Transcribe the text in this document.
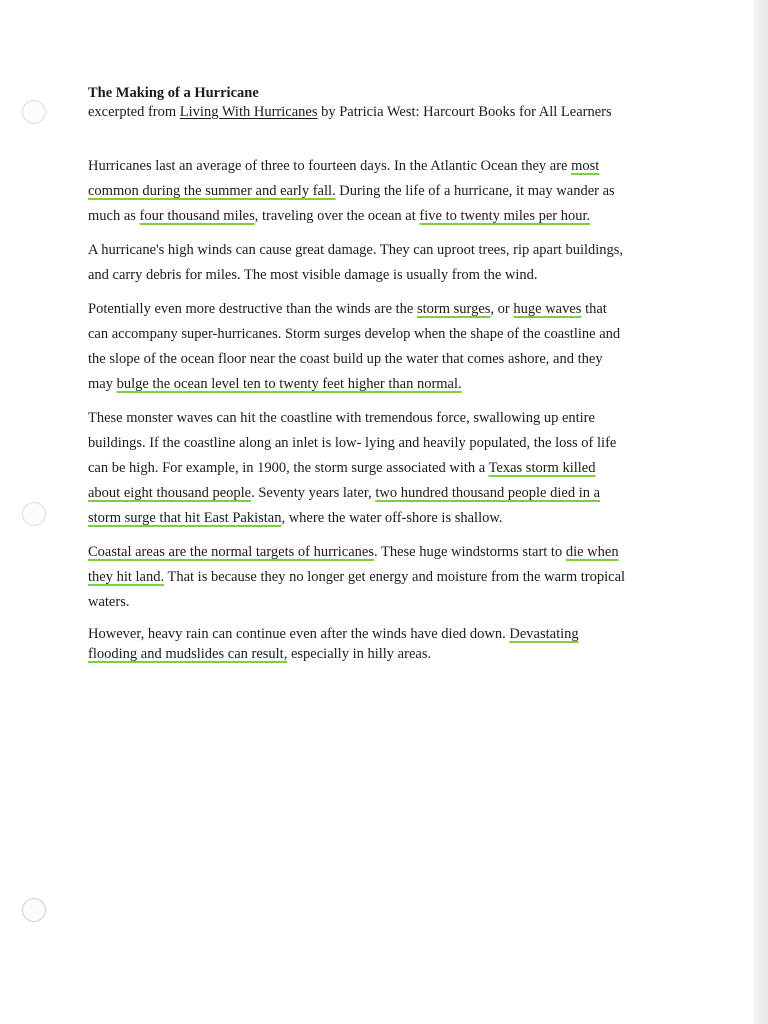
The Making of a Hurricane

excerpted from Living With Hurricanes by Patricia West: Harcourt Books for All Learners

Hurricanes last an average of three to fourteen days. In the Atlantic Ocean they are most common during the summer and early fall. During the life of a hurricane, it may wander as much as four thousand miles, traveling over the ocean at five to twenty miles per hour.

A hurricane's high winds can cause great damage. They can uproot trees, rip apart buildings, and carry debris for miles. The most visible damage is usually from the wind.

Potentially even more destructive than the winds are the storm surges, or huge waves that can accompany super-hurricanes. Storm surges develop when the shape of the coastline and the slope of the ocean floor near the coast build up the water that comes ashore, and they may bulge the ocean level ten to twenty feet higher than normal.

These monster waves can hit the coastline with tremendous force, swallowing up entire buildings. If the coastline along an inlet is low- lying and heavily populated, the loss of life can be high. For example, in 1900, the storm surge associated with a Texas storm killed about eight thousand people. Seventy years later, two hundred thousand people died in a storm surge that hit East Pakistan, where the water off-shore is shallow.

Coastal areas are the normal targets of hurricanes. These huge windstorms start to die when they hit land. That is because they no longer get energy and moisture from the warm tropical waters.

However, heavy rain can continue even after the winds have died down. Devastating flooding and mudslides can result, especially in hilly areas.
